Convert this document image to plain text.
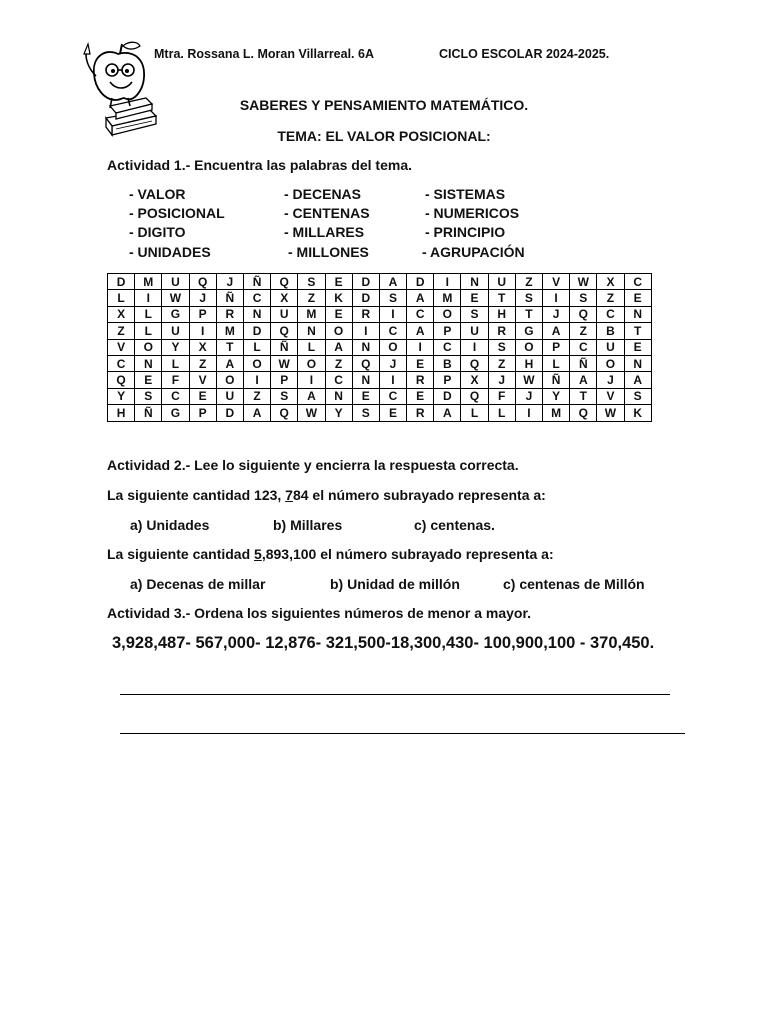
Mtra. Rossana L. Moran Villarreal. 6A	CICLO ESCOLAR 2024-2025.
SABERES Y PENSAMIENTO MATEMÁTICO.
TEMA: EL VALOR POSICIONAL:
Actividad 1.- Encuentra las palabras del tema.
- VALOR	- DECENAS	- SISTEMAS
- POSICIONAL	- CENTENAS	- NUMERICOS
- DIGITO	- MILLARES	- PRINCIPIO
- UNIDADES	- MILLONES	- AGRUPACIÓN
D	M	U	Q	J	Ñ	Q	S	E	D	A	D	I	N	U	Z	V	W	X	C
L	I	W	J	Ñ	C	X	Z	K	D	S	A	M	E	T	S	I	S	Z	E
X	L	G	P	R	N	U	M	E	R	I	C	O	S	H	T	J	Q	C	N
Z	L	U	I	M	D	Q	N	O	I	C	A	P	U	R	G	A	Z	B	T
V	O	Y	X	T	L	Ñ	L	A	N	O	I	C	I	S	O	P	C	U	E
C	N	L	Z	A	O	W	O	Z	Q	J	E	B	Q	Z	H	L	Ñ	O	N
Q	E	F	V	O	I	P	I	C	N	I	R	P	X	J	W	Ñ	A	J	A
Y	S	C	E	U	Z	S	A	N	E	C	E	D	Q	F	J	Y	T	V	S
H	Ñ	G	P	D	A	Q	W	Y	S	E	R	A	L	L	I	M	Q	W	K
Actividad 2.- Lee lo siguiente y encierra la respuesta correcta.
La siguiente cantidad 123, 784 el número subrayado representa a:
a) Unidades	b) Millares	c) centenas.
La siguiente cantidad 5,893,100 el número subrayado representa a:
a) Decenas de millar	b) Unidad de millón	c) centenas de Millón
Actividad 3.- Ordena los siguientes números de menor a mayor.
3,928,487- 567,000- 12,876- 321,500-18,300,430- 100,900,100 - 370,450.
